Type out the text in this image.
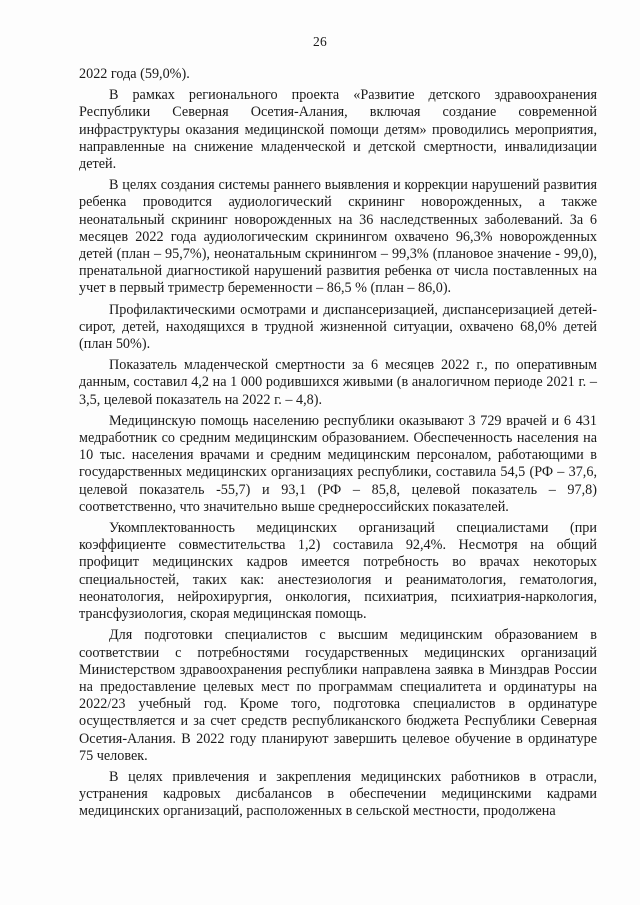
26

2022 года (59,0%).

В рамках регионального проекта «Развитие детского здравоохранения Республики Северная Осетия-Алания, включая создание современной инфраструктуры оказания медицинской помощи детям» проводились мероприятия, направленные на снижение младенческой и детской смертности, инвалидизации детей.

В целях создания системы раннего выявления и коррекции нарушений развития ребенка проводится аудиологический скрининг новорожденных, а также неонатальный скрининг новорожденных на 36 наследственных заболеваний. За 6 месяцев 2022 года аудиологическим скринингом охвачено 96,3% новорожденных детей (план – 95,7%), неонатальным скринингом – 99,3% (плановое значение - 99,0), пренатальной диагностикой нарушений развития ребенка от числа поставленных на учет в первый триместр беременности – 86,5 % (план – 86,0).

Профилактическими осмотрами и диспансеризацией, диспансеризацией детей-сирот, детей, находящихся в трудной жизненной ситуации, охвачено 68,0% детей (план 50%).

Показатель младенческой смертности за 6 месяцев 2022 г., по оперативным данным, составил 4,2 на 1 000 родившихся живыми (в аналогичном периоде 2021 г. – 3,5, целевой показатель на 2022 г. – 4,8).

Медицинскую помощь населению республики оказывают 3 729 врачей и 6 431 медработник со средним медицинским образованием. Обеспеченность населения на 10 тыс. населения врачами и средним медицинским персоналом, работающими в государственных медицинских организациях республики, составила 54,5 (РФ – 37,6, целевой показатель -55,7) и 93,1 (РФ – 85,8, целевой показатель – 97,8) соответственно, что значительно выше среднероссийских показателей.

Укомплектованность медицинских организаций специалистами (при коэффициенте совместительства 1,2) составила 92,4%. Несмотря на общий профицит медицинских кадров имеется потребность во врачах некоторых специальностей, таких как: анестезиология и реаниматология, гематология, неонатология, нейрохирургия, онкология, психиатрия, психиатрия-наркология, трансфузиология, скорая медицинская помощь.

Для подготовки специалистов с высшим медицинским образованием в соответствии с потребностями государственных медицинских организаций Министерством здравоохранения республики направлена заявка в Минздрав России на предоставление целевых мест по программам специалитета и ординатуры на 2022/23 учебный год. Кроме того, подготовка специалистов в ординатуре осуществляется и за счет средств республиканского бюджета Республики Северная Осетия-Алания. В 2022 году планируют завершить целевое обучение в ординатуре 75 человек.

В целях привлечения и закрепления медицинских работников в отрасли, устранения кадровых дисбалансов в обеспечении медицинскими кадрами медицинских организаций, расположенных в сельской местности, продолжена
